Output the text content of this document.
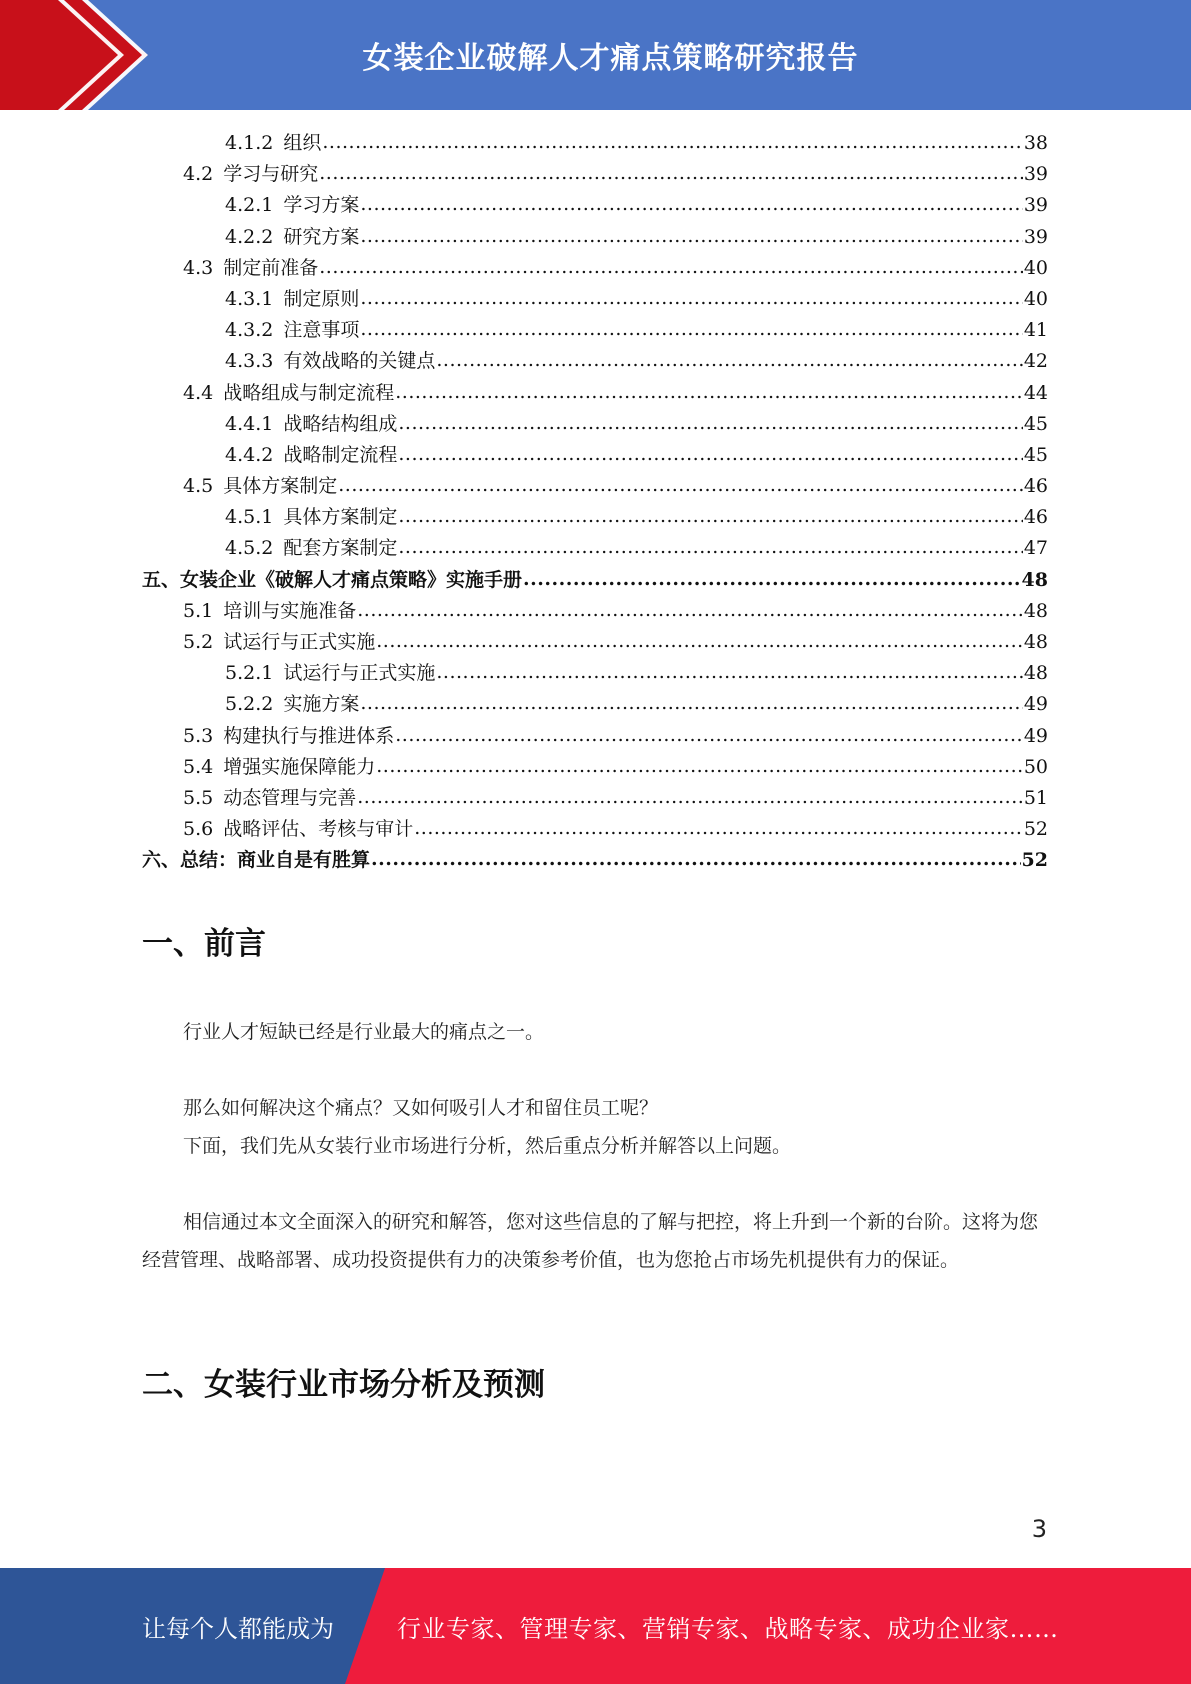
女装企业破解人才痛点策略研究报告
4.1.2 组织 .....	38
4.2 学习与研究 .....	39
4.2.1 学习方案 .....	39
4.2.2 研究方案 .....	39
4.3 制定前准备 .....	40
4.3.1 制定原则 .....	40
4.3.2 注意事项 .....	41
4.3.3 有效战略的关键点 .....	42
4.4 战略组成与制定流程 .....	44
4.4.1 战略结构组成 .....	45
4.4.2 战略制定流程 .....	45
4.5 具体方案制定 .....	46
4.5.1 具体方案制定 .....	46
4.5.2 配套方案制定 .....	47
五、女装企业《破解人才痛点策略》实施手册 .....	48
5.1 培训与实施准备 .....	48
5.2 试运行与正式实施 .....	48
5.2.1 试运行与正式实施 .....	48
5.2.2 实施方案 .....	49
5.3 构建执行与推进体系 .....	49
5.4 增强实施保障能力 .....	50
5.5 动态管理与完善 .....	51
5.6 战略评估、考核与审计 .....	52
六、总结：商业自是有胜算 .....	52
一、前言
行业人才短缺已经是行业最大的痛点之一。
那么如何解决这个痛点？又如何吸引人才和留住员工呢？
下面，我们先从女装行业市场进行分析，然后重点分析并解答以上问题。
相信通过本文全面深入的研究和解答，您对这些信息的了解与把控，将上升到一个新的台阶。这将为您经营管理、战略部署、成功投资提供有力的决策参考价值，也为您抢占市场先机提供有力的保证。
二、女装行业市场分析及预测
3
让每个人都能成为	行业专家、管理专家、营销专家、战略专家、成功企业家……
